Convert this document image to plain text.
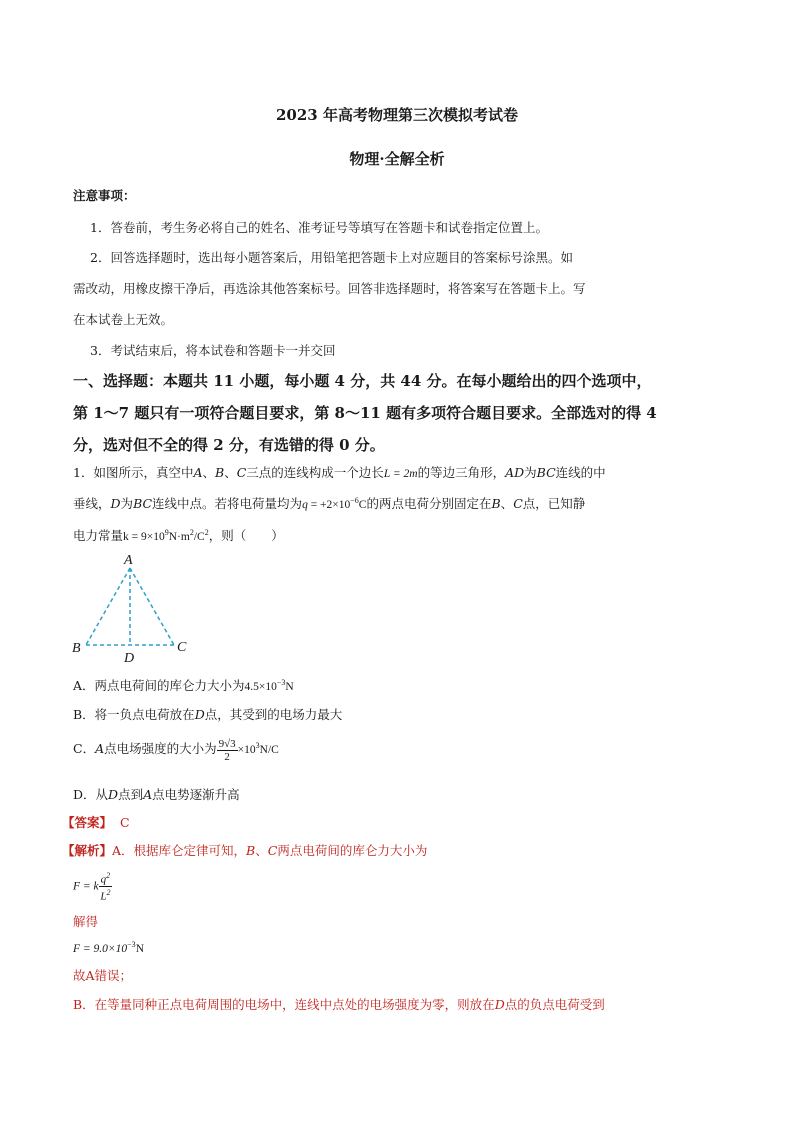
2023 年高考物理第三次模拟考试卷
物理·全解全析
注意事项：
1．答卷前，考生务必将自己的姓名、准考证号等填写在答题卡和试卷指定位置上。
2．回答选择题时，选出每小题答案后，用铅笔把答题卡上对应题目的答案标号涂黑。如
需改动，用橡皮擦干净后，再选涂其他答案标号。回答非选择题时，将答案写在答题卡上。写
在本试卷上无效。
3．考试结束后，将本试卷和答题卡一并交回
一、选择题：本题共 11 小题，每小题 4 分，共 44 分。在每小题给出的四个选项中，
第 1～7 题只有一项符合题目要求，第 8～11 题有多项符合题目要求。全部选对的得 4
分，选对但不全的得 2 分，有选错的得 0 分。
1．如图所示，真空中A、B、C三点的连线构成一个边长L = 2m的等边三角形，AD为BC连线的中
垂线，D为BC连线中点。若将电荷量均为$q = +2\times 10^{-6}C$的两点电荷分别固定在B、C点，已知静
电力常量$k = 9\times 10^9N\cdot m^2/C^2$，则（　　）
A
B	C
D
A．两点电荷间的库仑力大小为$4.5\times 10^{-3}N$
B．将一负点电荷放在D点，其受到的电场力最大
C．A点电场强度的大小为 $\frac{9√3}{2} \times 10^3N/C$
D．从D点到A点电势逐渐升高
【答案】 C
【解析】A．根据库仑定律可知，B、C两点电荷间的库仑力大小为
F = k $\frac{q^2}{L^2}$
解得
$F = 9.0\times 10^{-3}N$
故A错误；
B．在等量同种正点电荷周围的电场中，连线中点处的电场强度为零，则放在D点的负点电荷受到
